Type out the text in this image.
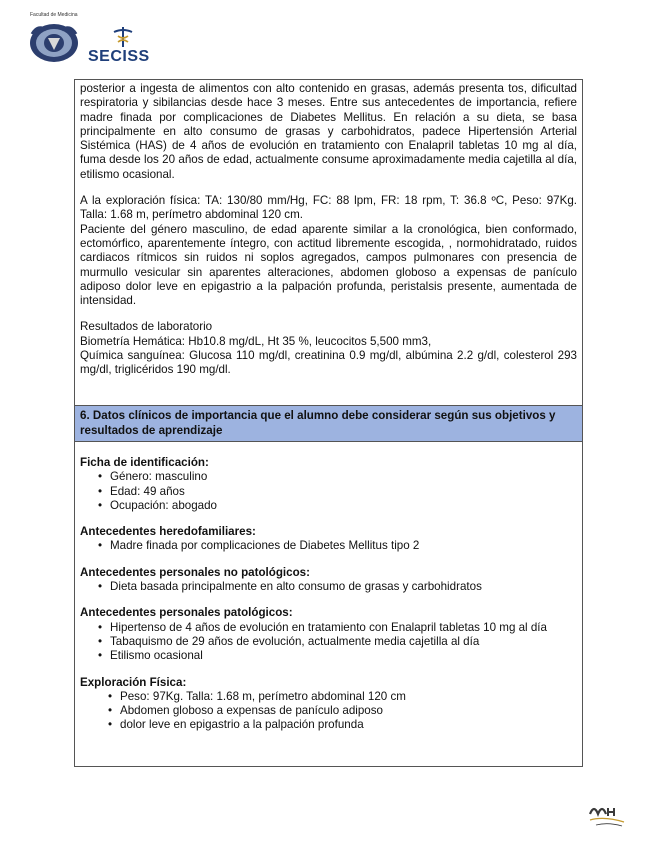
Facultad de Medicina
SECISS

posterior a ingesta de alimentos con alto contenido en grasas, además presenta tos, dificultad respiratoria y sibilancias desde hace 3 meses. Entre sus antecedentes de importancia, refiere madre finada por complicaciones de Diabetes Mellitus. En relación a su dieta, se basa principalmente en alto consumo de grasas y carbohidratos, padece Hipertensión Arterial Sistémica (HAS) de 4 años de evolución en tratamiento con Enalapril tabletas 10 mg al día, fuma desde los 20 años de edad, actualmente consume aproximadamente media cajetilla al día, etilismo ocasional.

A la exploración física: TA: 130/80 mm/Hg, FC: 88 lpm, FR: 18 rpm, T: 36.8 ºC, Peso: 97Kg. Talla: 1.68 m, perímetro abdominal 120 cm.

Paciente del género masculino, de edad aparente similar a la cronológica, bien conformado, ectomórfico, aparentemente íntegro, con actitud libremente escogida, , normohidratado, ruidos cardiacos rítmicos sin ruidos ni soplos agregados, campos pulmonares con presencia de murmullo vesicular sin aparentes alteraciones, abdomen globoso a expensas de panículo adiposo dolor leve en epigastrio a la palpación profunda, peristalsis presente, aumentada de intensidad.

Resultados de laboratorio

Biometría Hemática: Hb10.8 mg/dL, Ht 35 %, leucocitos 5,500 mm3,

Química sanguínea: Glucosa 110 mg/dl, creatinina 0.9 mg/dl, albúmina 2.2 g/dl, colesterol 293 mg/dl, triglicéridos 190 mg/dl.

6. Datos clínicos de importancia que el alumno debe considerar según sus objetivos y resultados de aprendizaje

Ficha de identificación:

• Género: masculino
• Edad: 49 años
• Ocupación: abogado

Antecedentes heredofamiliares:

• Madre finada por complicaciones de Diabetes Mellitus tipo 2

Antecedentes personales no patológicos:

• Dieta basada principalmente en alto consumo de grasas y carbohidratos

Antecedentes personales patológicos:

• Hipertenso de 4 años de evolución en tratamiento con Enalapril tabletas 10 mg al día
• Tabaquismo de 29 años de evolución, actualmente media cajetilla al día
• Etilismo ocasional

Exploración Física:

• Peso: 97Kg. Talla: 1.68 m, perímetro abdominal 120 cm
• Abdomen globoso a expensas de panículo adiposo
• dolor leve en epigastrio a la palpación profunda
